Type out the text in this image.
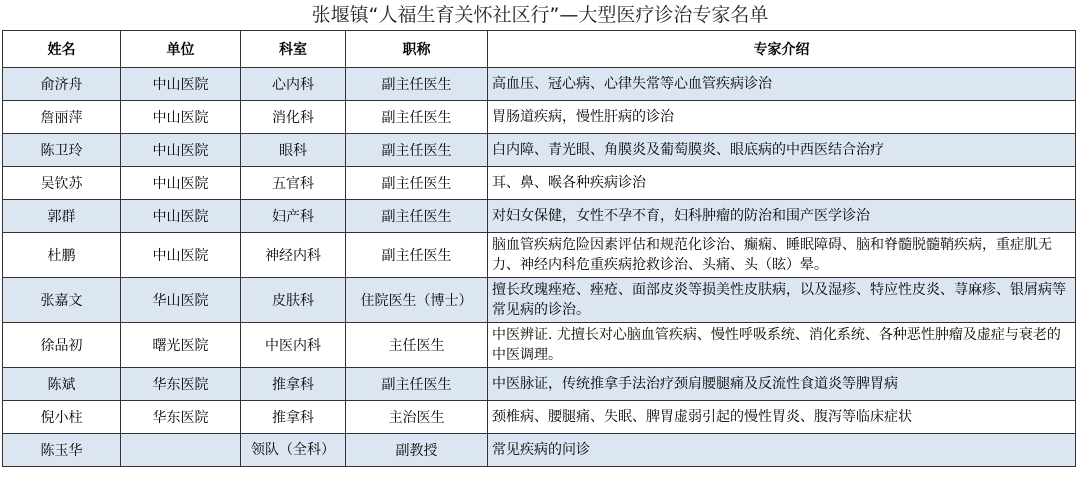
张堰镇“人福生育关怀社区行”—大型医疗诊治专家名单
姓名	单位	科室	职称	专家介绍
俞济舟	中山医院	心内科	副主任医生	高血压、冠心病、心律失常等心血管疾病诊治
詹丽萍	中山医院	消化科	副主任医生	胃肠道疾病，慢性肝病的诊治
陈卫玲	中山医院	眼科	副主任医生	白内障、青光眼、角膜炎及葡萄膜炎、眼底病的中西医结合治疗
吴钦苏	中山医院	五官科	副主任医生	耳、鼻、喉各种疾病诊治
郭群	中山医院	妇产科	副主任医生	对妇女保健，女性不孕不育，妇科肿瘤的防治和围产医学诊治
杜鹏	中山医院	神经内科	副主任医生	脑血管疾病危险因素评估和规范化诊治、癫痫、睡眠障碍、脑和脊髓脱髓鞘疾病，重症肌无力、神经内科危重疾病抢救诊治、头痛、头（眩）晕。
张嘉文	华山医院	皮肤科	住院医生（博士）	擅长玫瑰痤疮、痤疮、面部皮炎等损美性皮肤病，以及湿疹、特应性皮炎、荨麻疹、银屑病等常见病的诊治。
徐品初	曙光医院	中医内科	主任医生	中医辨证. 尤擅长对心脑血管疾病、慢性呼吸系统、消化系统、各种恶性肿瘤及虚症与衰老的中医调理。
陈斌	华东医院	推拿科	副主任医生	中医脉证，传统推拿手法治疗颈肩腰腿痛及反流性食道炎等脾胃病
倪小柱	华东医院	推拿科	主治医生	颈椎病、腰腿痛、失眠、脾胃虚弱引起的慢性胃炎、腹泻等临床症状
陈玉华		领队（全科）	副教授	常见疾病的问诊
